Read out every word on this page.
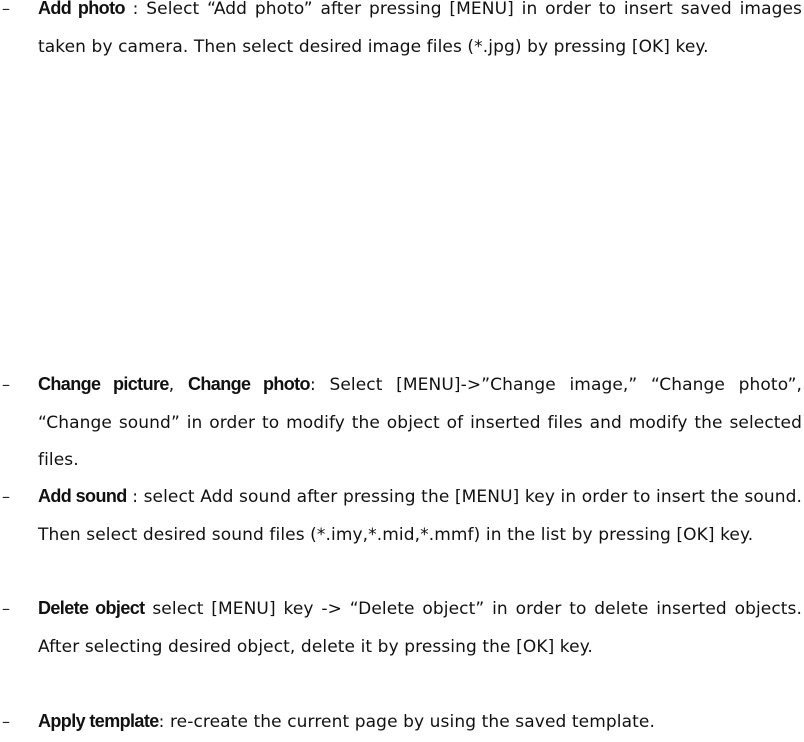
– Add photo : Select “Add photo” after pressing [MENU] in order to insert saved images taken by camera. Then select desired image files (*.jpg) by pressing [OK] key.
– Change picture, Change photo: Select [MENU]->”Change image,” “Change photo”, “Change sound” in order to modify the object of inserted files and modify the selected files.
– Add sound : select Add sound after pressing the [MENU] key in order to insert the sound. Then select desired sound files (*.imy,*.mid,*.mmf) in the list by pressing [OK] key.
– Delete object select [MENU] key -> “Delete object” in order to delete inserted objects. After selecting desired object, delete it by pressing the [OK] key.
– Apply template: re-create the current page by using the saved template.
